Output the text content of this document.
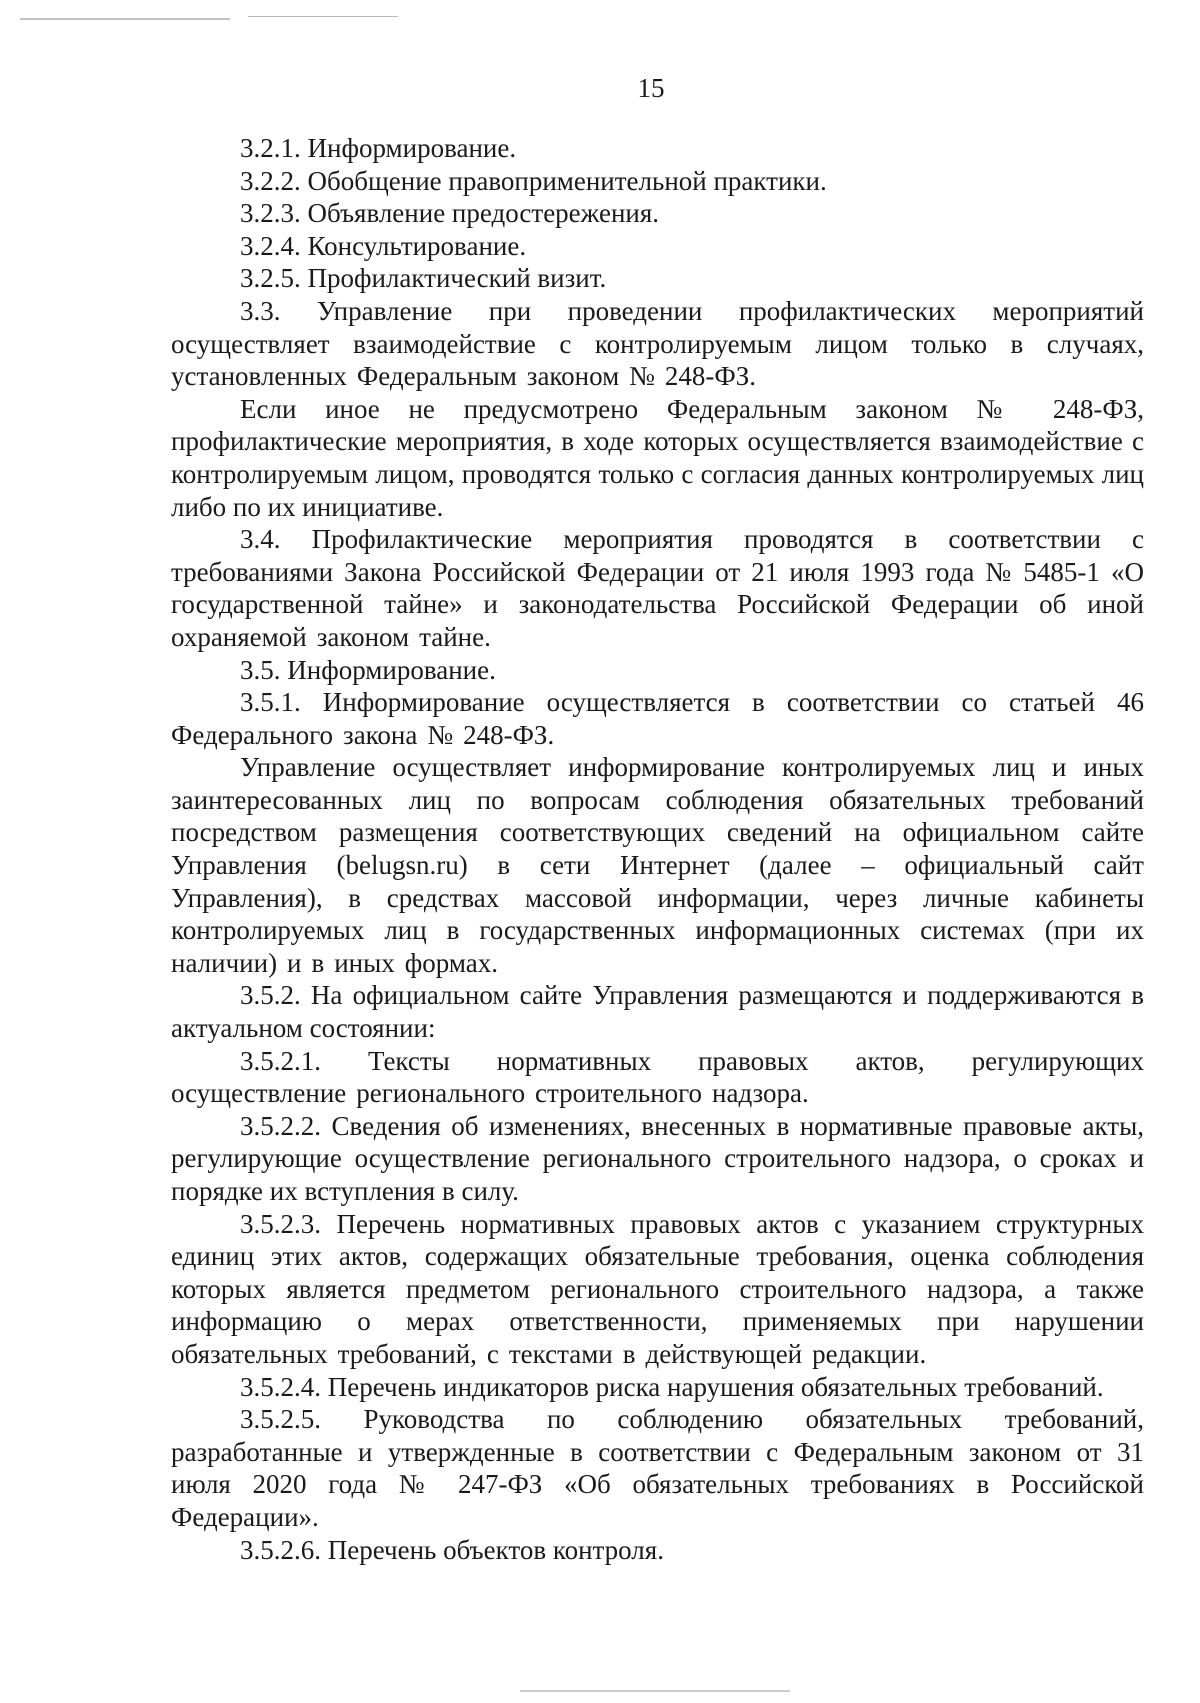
15

3.2.1. Информирование.

3.2.2. Обобщение правоприменительной практики.

3.2.3. Объявление предостережения.

3.2.4. Консультирование.

3.2.5. Профилактический визит.

3.3. Управление при проведении профилактических мероприятий осуществляет взаимодействие с контролируемым лицом только в случаях, установленных Федеральным законом № 248-ФЗ.

Если иное не предусмотрено Федеральным законом № 248-ФЗ, профилактические мероприятия, в ходе которых осуществляется взаимодействие с контролируемым лицом, проводятся только с согласия данных контролируемых лиц либо по их инициативе.

3.4. Профилактические мероприятия проводятся в соответствии с требованиями Закона Российской Федерации от 21 июля 1993 года № 5485-1 «О государственной тайне» и законодательства Российской Федерации об иной охраняемой законом тайне.

3.5. Информирование.

3.5.1. Информирование осуществляется в соответствии со статьей 46 Федерального закона № 248-ФЗ.

Управление осуществляет информирование контролируемых лиц и иных заинтересованных лиц по вопросам соблюдения обязательных требований посредством размещения соответствующих сведений на официальном сайте Управления (belugsn.ru) в сети Интернет (далее – официальный сайт Управления), в средствах массовой информации, через личные кабинеты контролируемых лиц в государственных информационных системах (при их наличии) и в иных формах.

3.5.2. На официальном сайте Управления размещаются и поддерживаются в актуальном состоянии:

3.5.2.1. Тексты нормативных правовых актов, регулирующих осуществление регионального строительного надзора.

3.5.2.2. Сведения об изменениях, внесенных в нормативные правовые акты, регулирующие осуществление регионального строительного надзора, о сроках и порядке их вступления в силу.

3.5.2.3. Перечень нормативных правовых актов с указанием структурных единиц этих актов, содержащих обязательные требования, оценка соблюдения которых является предметом регионального строительного надзора, а также информацию о мерах ответственности, применяемых при нарушении обязательных требований, с текстами в действующей редакции.

3.5.2.4. Перечень индикаторов риска нарушения обязательных требований.

3.5.2.5. Руководства по соблюдению обязательных требований, разработанные и утвержденные в соответствии с Федеральным законом от 31 июля 2020 года № 247-ФЗ «Об обязательных требованиях в Российской Федерации».

3.5.2.6. Перечень объектов контроля.
